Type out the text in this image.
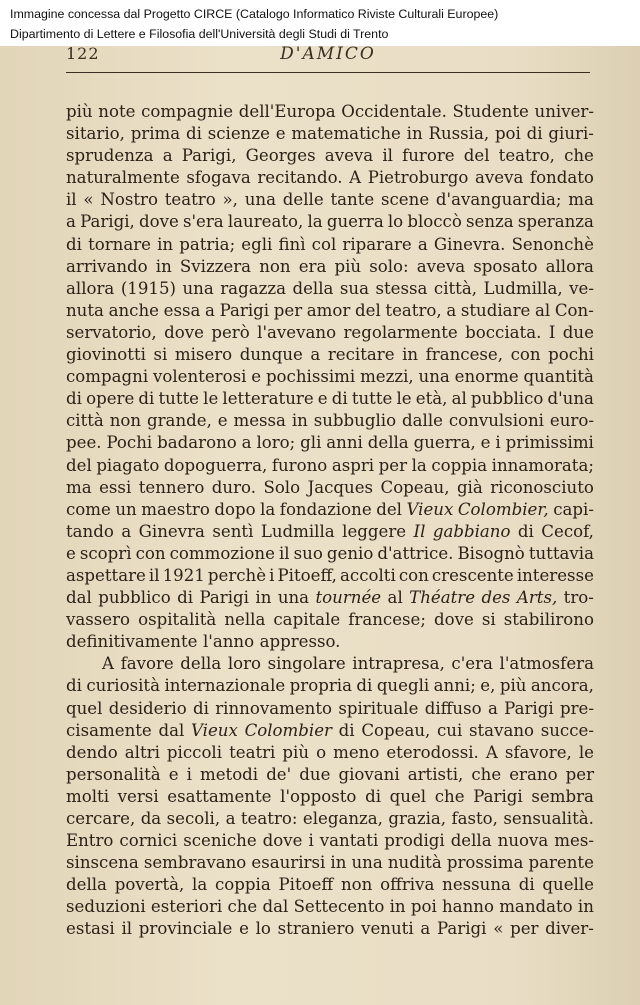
Immagine concessa dal Progetto CIRCE (Catalogo Informatico Riviste Culturali Europee)
Dipartimento di Lettere e Filosofia dell'Università degli Studi di Trento
122	D'AMICO
più note compagnie dell'Europa Occidentale. Studente univer-
sitario, prima di scienze e matematiche in Russia, poi di giuri-
sprudenza a Parigi, Georges aveva il furore del teatro, che
naturalmente sfogava recitando. A Pietroburgo aveva fondato
il « Nostro teatro », una delle tante scene d'avanguardia; ma
a Parigi, dove s'era laureato, la guerra lo bloccò senza speranza
di tornare in patria; egli finì col riparare a Ginevra. Senonchè
arrivando in Svizzera non era più solo: aveva sposato allora
allora (1915) una ragazza della sua stessa città, Ludmilla, ve-
nuta anche essa a Parigi per amor del teatro, a studiare al Con-
servatorio, dove però l'avevano regolarmente bocciata. I due
giovinotti si misero dunque a recitare in francese, con pochi
compagni volenterosi e pochissimi mezzi, una enorme quantità
di opere di tutte le letterature e di tutte le età, al pubblico d'una
città non grande, e messa in subbuglio dalle convulsioni euro-
pee. Pochi badarono a loro; gli anni della guerra, e i primissimi
del piagato dopoguerra, furono aspri per la coppia innamorata;
ma essi tennero duro. Solo Jacques Copeau, già riconosciuto
come un maestro dopo la fondazione del Vieux Colombier, capi-
tando a Ginevra sentì Ludmilla leggere Il gabbiano di Cecof,
e scoprì con commozione il suo genio d'attrice. Bisognò tuttavia
aspettare il 1921 perchè i Pitoeff, accolti con crescente interesse
dal pubblico di Parigi in una tournée al Théatre des Arts, tro-
vassero ospitalità nella capitale francese; dove si stabilirono
definitivamente l'anno appresso.
A favore della loro singolare intrapresa, c'era l'atmosfera
di curiosità internazionale propria di quegli anni; e, più ancora,
quel desiderio di rinnovamento spirituale diffuso a Parigi pre-
cisamente dal Vieux Colombier di Copeau, cui stavano succe-
dendo altri piccoli teatri più o meno eterodossi. A sfavore, le
personalità e i metodi de' due giovani artisti, che erano per
molti versi esattamente l'opposto di quel che Parigi sembra
cercare, da secoli, a teatro: eleganza, grazia, fasto, sensualità.
Entro cornici sceniche dove i vantati prodigi della nuova mes-
sinscena sembravano esaurirsi in una nudità prossima parente
della povertà, la coppia Pitoeff non offriva nessuna di quelle
seduzioni esteriori che dal Settecento in poi hanno mandato in
estasi il provinciale e lo straniero venuti a Parigi « per diver-
